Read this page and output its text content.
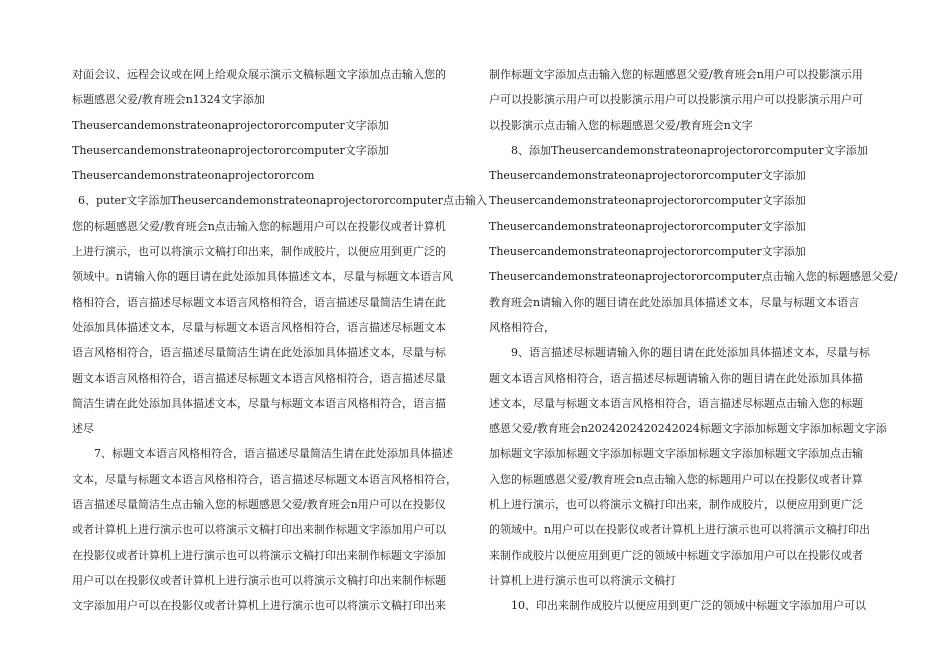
对面会议、远程会议或在网上给观众展示演示文稿标题文字添加点击输入您的

标题感恩父爱/教育班会n1324文字添加

Theusercandemonstrateonaprojectororcomputer文字添加

Theusercandemonstrateonaprojectororcomputer文字添加

Theusercandemonstrateonaprojectororcom

6、puter文字添加Theusercandemonstrateonaprojectororcomputer点击输入

您的标题感恩父爱/教育班会n点击输入您的标题用户可以在投影仪或者计算机

上进行演示，也可以将演示文稿打印出来，制作成胶片，以便应用到更广泛的

领域中。n请输入你的题目请在此处添加具体描述文本，尽量与标题文本语言风

格相符合，语言描述尽标题文本语言风格相符合，语言描述尽量简洁生请在此

处添加具体描述文本，尽量与标题文本语言风格相符合，语言描述尽标题文本

语言风格相符合，语言描述尽量简洁生请在此处添加具体描述文本，尽量与标

题文本语言风格相符合，语言描述尽标题文本语言风格相符合，语言描述尽量

简洁生请在此处添加具体描述文本，尽量与标题文本语言风格相符合，语言描

述尽

7、标题文本语言风格相符合，语言描述尽量简洁生请在此处添加具体描述

文本，尽量与标题文本语言风格相符合，语言描述尽标题文本语言风格相符合，

语言描述尽量简洁生点击输入您的标题感恩父爱/教育班会n用户可以在投影仪

或者计算机上进行演示也可以将演示文稿打印出来制作标题文字添加用户可以

在投影仪或者计算机上进行演示也可以将演示文稿打印出来制作标题文字添加

用户可以在投影仪或者计算机上进行演示也可以将演示文稿打印出来制作标题

文字添加用户可以在投影仪或者计算机上进行演示也可以将演示文稿打印出来

制作标题文字添加点击输入您的标题感恩父爱/教育班会n用户可以投影演示用

户可以投影演示用户可以投影演示用户可以投影演示用户可以投影演示用户可

以投影演示点击输入您的标题感恩父爱/教育班会n文字

8、添加Theusercandemonstrateonaprojectororcomputer文字添加

Theusercandemonstrateonaprojectororcomputer文字添加

Theusercandemonstrateonaprojectororcomputer文字添加

Theusercandemonstrateonaprojectororcomputer文字添加

Theusercandemonstrateonaprojectororcomputer文字添加

Theusercandemonstrateonaprojectororcomputer点击输入您的标题感恩父爱/

教育班会n请输入你的题目请在此处添加具体描述文本，尽量与标题文本语言

风格相符合，

9、语言描述尽标题请输入你的题目请在此处添加具体描述文本，尽量与标

题文本语言风格相符合，语言描述尽标题请输入你的题目请在此处添加具体描

述文本，尽量与标题文本语言风格相符合，语言描述尽标题点击输入您的标题

感恩父爱/教育班会n2024202420242024标题文字添加标题文字添加标题文字添

加标题文字添加标题文字添加标题文字添加标题文字添加标题文字添加点击输

入您的标题感恩父爱/教育班会n点击输入您的标题用户可以在投影仪或者计算

机上进行演示，也可以将演示文稿打印出来，制作成胶片，以便应用到更广泛

的领域中。n用户可以在投影仪或者计算机上进行演示也可以将演示文稿打印出

来制作成胶片以便应用到更广泛的领域中标题文字添加用户可以在投影仪或者

计算机上进行演示也可以将演示文稿打

10、印出来制作成胶片以便应用到更广泛的领域中标题文字添加用户可以
